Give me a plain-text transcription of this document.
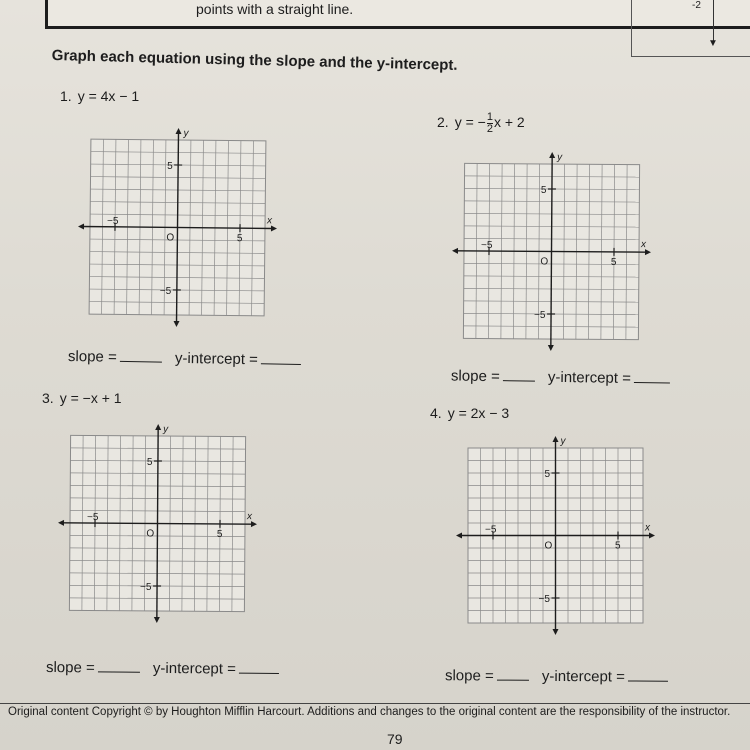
points with a straight line.	-2
▼
Graph each equation using the slope and the y-intercept.
1. y = 4x − 1
x
y
O
−5
5
5
−5
slope =	y-intercept =
2. y = − $\frac{1}{2}$ x + 2
x
y
O
−5
5
5
−5
slope =	y-intercept =
3. y = −x + 1
x
y
O
−5
5
5
−5
slope =	y-intercept =
4. y = 2x − 3
x
y
O
−5
5
5
−5
slope =	y-intercept =
Original content Copyright © by Houghton Mifflin Harcourt. Additions and changes to the original content are the responsibility of the instructor.
79
